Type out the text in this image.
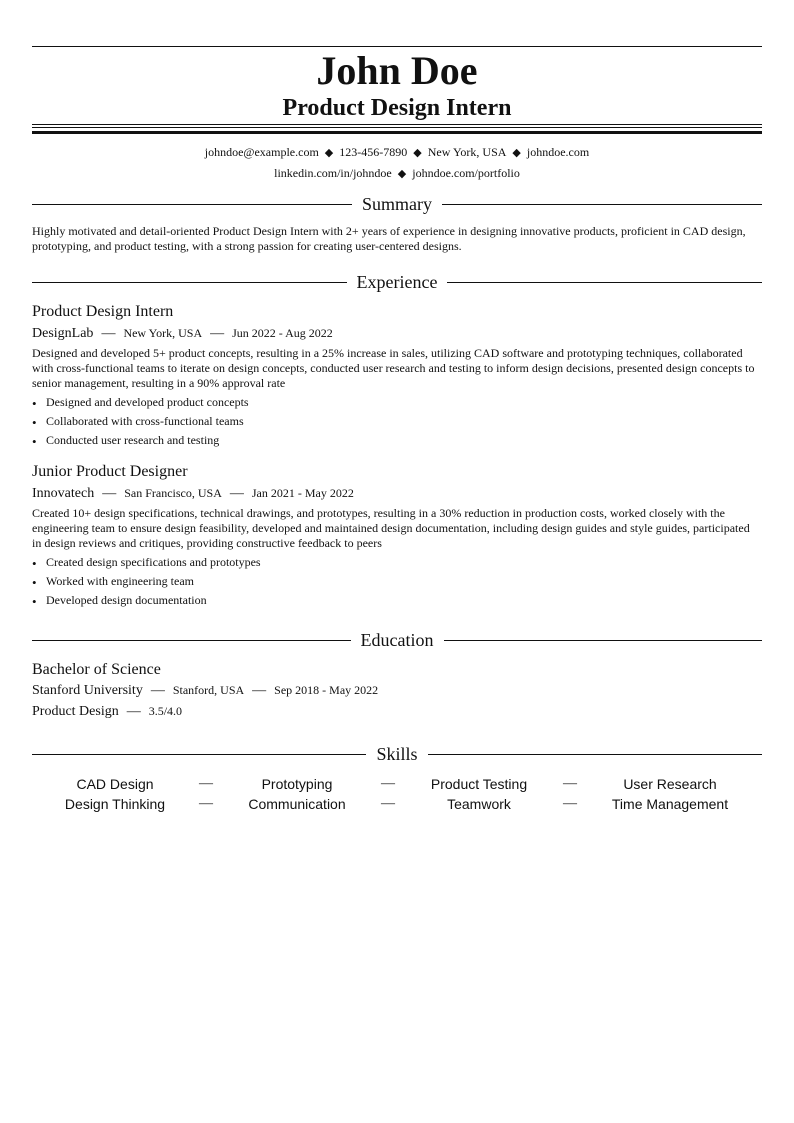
John Doe
Product Design Intern
johndoe@example.com ◆ 123-456-7890 ◆ New York, USA ◆ johndoe.com
linkedin.com/in/johndoe ◆ johndoe.com/portfolio
Summary
Highly motivated and detail-oriented Product Design Intern with 2+ years of experience in designing innovative products, proficient in CAD design, prototyping, and product testing, with a strong passion for creating user-centered designs.
Experience
Product Design Intern
DesignLab — New York, USA — Jun 2022 - Aug 2022
Designed and developed 5+ product concepts, resulting in a 25% increase in sales, utilizing CAD software and prototyping techniques, collaborated with cross-functional teams to iterate on design concepts, conducted user research and testing to inform design decisions, presented design concepts to senior management, resulting in a 90% approval rate
• Designed and developed product concepts
• Collaborated with cross-functional teams
• Conducted user research and testing
Junior Product Designer
Innovatech — San Francisco, USA — Jan 2021 - May 2022
Created 10+ design specifications, technical drawings, and prototypes, resulting in a 30% reduction in production costs, worked closely with the engineering team to ensure design feasibility, developed and maintained design documentation, including design guides and style guides, participated in design reviews and critiques, providing constructive feedback to peers
• Created design specifications and prototypes
• Worked with engineering team
• Developed design documentation
Education
Bachelor of Science
Stanford University — Stanford, USA — Sep 2018 - May 2022
Product Design — 3.5/4.0
Skills
CAD Design	—	Prototyping	—	Product Testing	—	User Research
Design Thinking	—	Communication	—	Teamwork	—	Time Management
